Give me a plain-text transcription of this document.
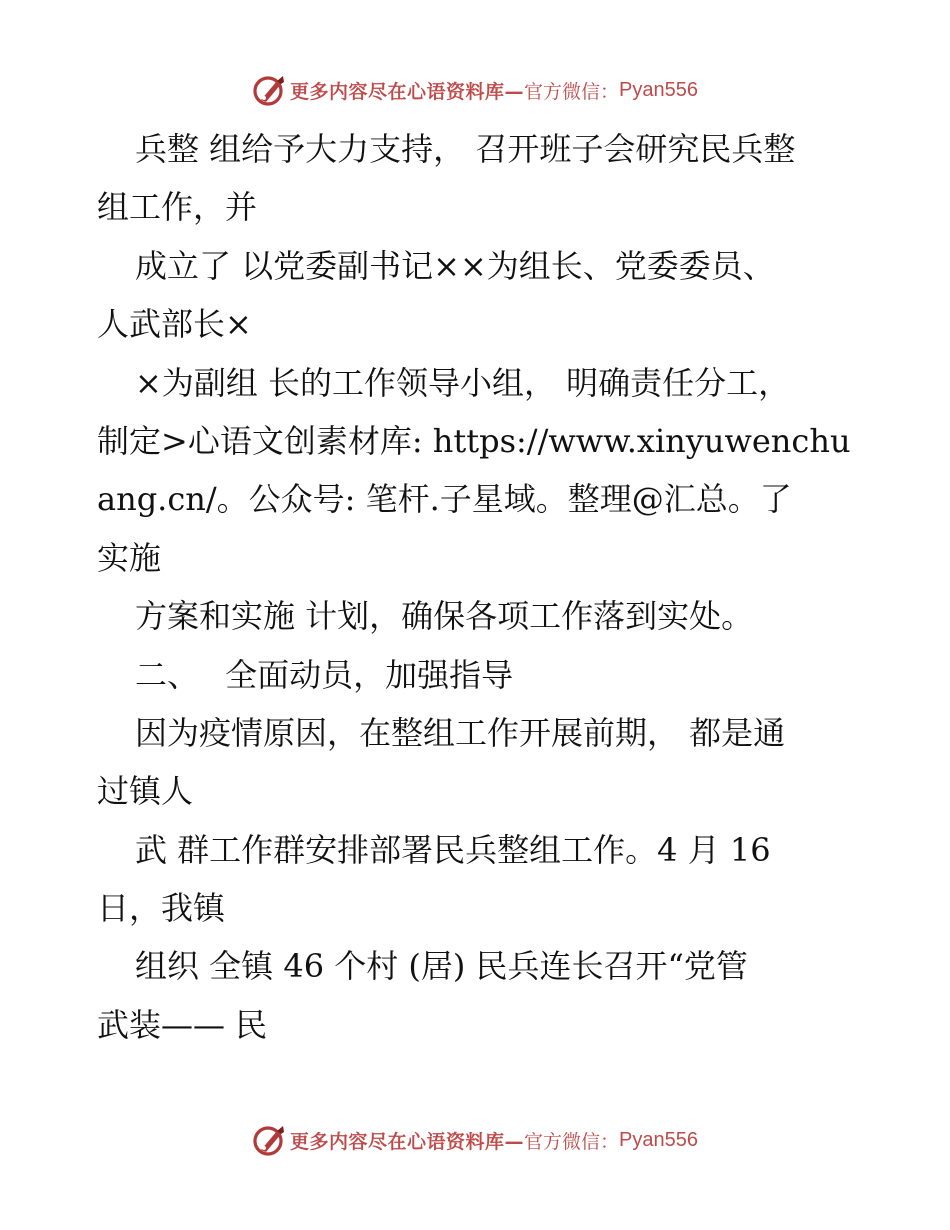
更多内容尽在心语资料库— 官方微信： Pyan556
兵整 组给予大力支持， 召开班子会研究民兵整
组工作，并
成立了 以党委副书记××为组长、党委委员、
人武部长×
×为副组 长的工作领导小组， 明确责任分工，
制定>心语文创素材库: https://www.xinyuwenchu
ang.cn/。公众号: 笔杆.子星域。整理@汇总。了
实施
方案和实施 计划，确保各项工作落到实处。
二、　 全面动员，加强指导
因为疫情原因，在整组工作开展前期， 都是通
过镇人
武 群工作群安排部署民兵整组工作。4 月 16
日，我镇
组织 全镇 46 个村 (居) 民兵连长召开“党管
武装—— 民
更多内容尽在心语资料库— 官方微信： Pyan556
